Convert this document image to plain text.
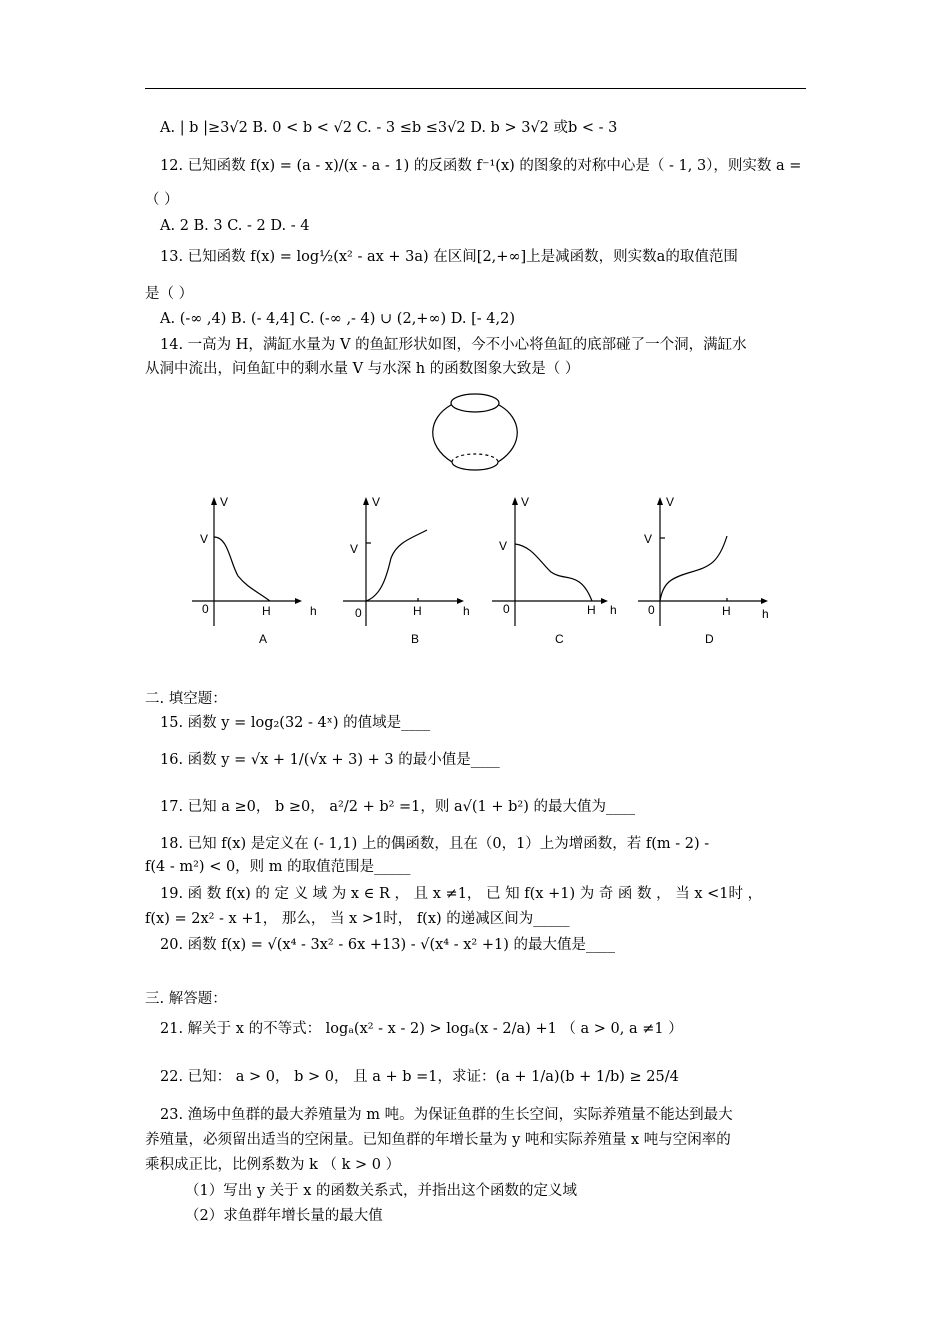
A. | b |≥3√2 B. 0 < b < √2 C. - 3 ≤b ≤3√2 D. b > 3√2 或b < - 3
12. 已知函数 f(x) = (a - x)/(x - a - 1) 的反函数 f⁻¹(x) 的图象的对称中心是（ - 1, 3），则实数 a =
（ ）
A. 2 B. 3 C. - 2 D. - 4
13. 已知函数 f(x) = log½(x² - ax + 3a) 在区间[2,+∞]上是减函数，则实数a的取值范围
是（ ）
A. (-∞ ,4) B. (- 4,4] C. (-∞ ,- 4) ∪ (2,+∞) D. [- 4,2)
14. 一高为 H，满缸水量为 V 的鱼缸形状如图，今不小心将鱼缸的底部碰了一个洞，满缸水
从洞中流出，问鱼缸中的剩水量 V 与水深 h 的函数图象大致是（ ）
二. 填空题：
15. 函数 y = log₂(32 - 4ˣ) 的值域是____
16. 函数 y = √x + 1/(√x + 3) + 3 的最小值是____
17. 已知 a ≥0， b ≥0， a²/2 + b² =1，则 a√(1 + b²) 的最大值为____
18. 已知 f(x) 是定义在 (- 1,1) 上的偶函数，且在（0，1）上为增函数，若 f(m - 2) -
f(4 - m²) < 0，则 m 的取值范围是_____
19. 函 数 f(x) 的 定 义 域 为 x ∈ R ， 且 x ≠1， 已 知 f(x +1) 为 奇 函 数 ， 当 x <1时 ，
f(x) = 2x² - x +1， 那么， 当 x >1时， f(x) 的递减区间为_____
20. 函数 f(x) = √(x⁴ - 3x² - 6x +13) - √(x⁴ - x² +1) 的最大值是____
三. 解答题：
21. 解关于 x 的不等式： logₐ(x² - x - 2) > logₐ(x - 2/a) +1 （ a > 0, a ≠1 ）
22. 已知： a > 0， b > 0， 且 a + b =1，求证：(a + 1/a)(b + 1/b) ≥ 25/4
23. 渔场中鱼群的最大养殖量为 m 吨。为保证鱼群的生长空间，实际养殖量不能达到最大
养殖量，必须留出适当的空闲量。已知鱼群的年增长量为 y 吨和实际养殖量 x 吨与空闲率的
乘积成正比，比例系数为 k （ k > 0 ）
（1）写出 y 关于 x 的函数关系式，并指出这个函数的定义域
（2）求鱼群年增长量的最大值
V
V
0	H	h
A
V
V
0	H	h
B
V
V
0	H h
C
V
V
0	H	h
D
